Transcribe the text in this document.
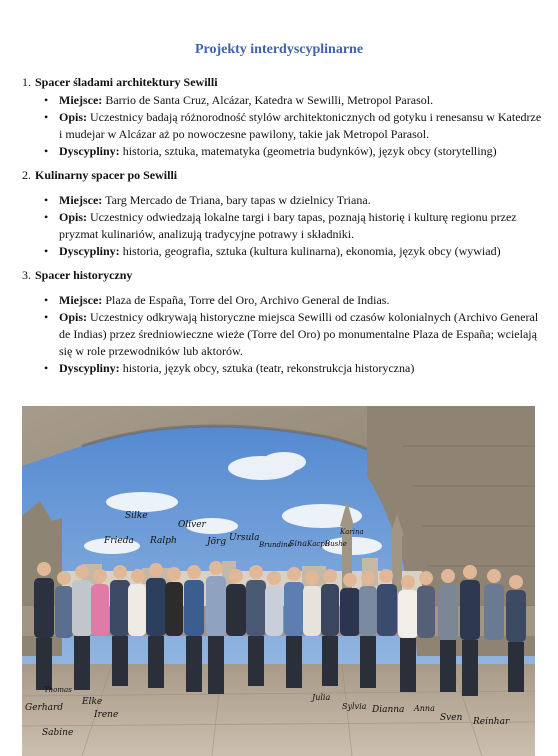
Projekty interdyscyplinarne
1. Spacer śladami architektury Sewilli
• Miejsce: Barrio de Santa Cruz, Alcázar, Katedra w Sewilli, Metropol Parasol.
• Opis: Uczestnicy badają różnorodność stylów architektonicznych od gotyku i renesansu w Katedrze i mudejar w Alcázar aż po nowoczesne pawilony, takie jak Metropol Parasol.
• Dyscypliny: historia, sztuka, matematyka (geometria budynków), język obcy (storytelling)
2. Kulinarny spacer po Sewilli
• Miejsce: Targ Mercado de Triana, bary tapas w dzielnicy Triana.
• Opis: Uczestnicy odwiedzają lokalne targi i bary tapas, poznają historię i kulturę regionu przez pryzmat kulinariów, analizują tradycyjne potrawy i składniki.
• Dyscypliny: historia, geografia, sztuka (kultura kulinarna), ekonomia, język obcy (wywiad)
3. Spacer historyczny
• Miejsce: Plaza de España, Torre del Oro, Archivo General de Indias.
• Opis: Uczestnicy odkrywają historyczne miejsca Sewilli od czasów kolonialnych (Archivo General de Indias) przez średniowieczne wieże (Torre del Oro) po monumentalne Plaza de España; wcielają się w role przewodników lub aktorów.
• Dyscypliny: historia, język obcy, sztuka (teatr, rekonstrukcja historyczna)
Silke
Frieda Ralph
Oliver
Jörg Ursula
Brundine
Sina Kacpti
Bushe
Karina
Thomas
Gerhard
Sabine
Elke
Irene
Julia
Sylvia Dianna Anna
Sven Reinhar
